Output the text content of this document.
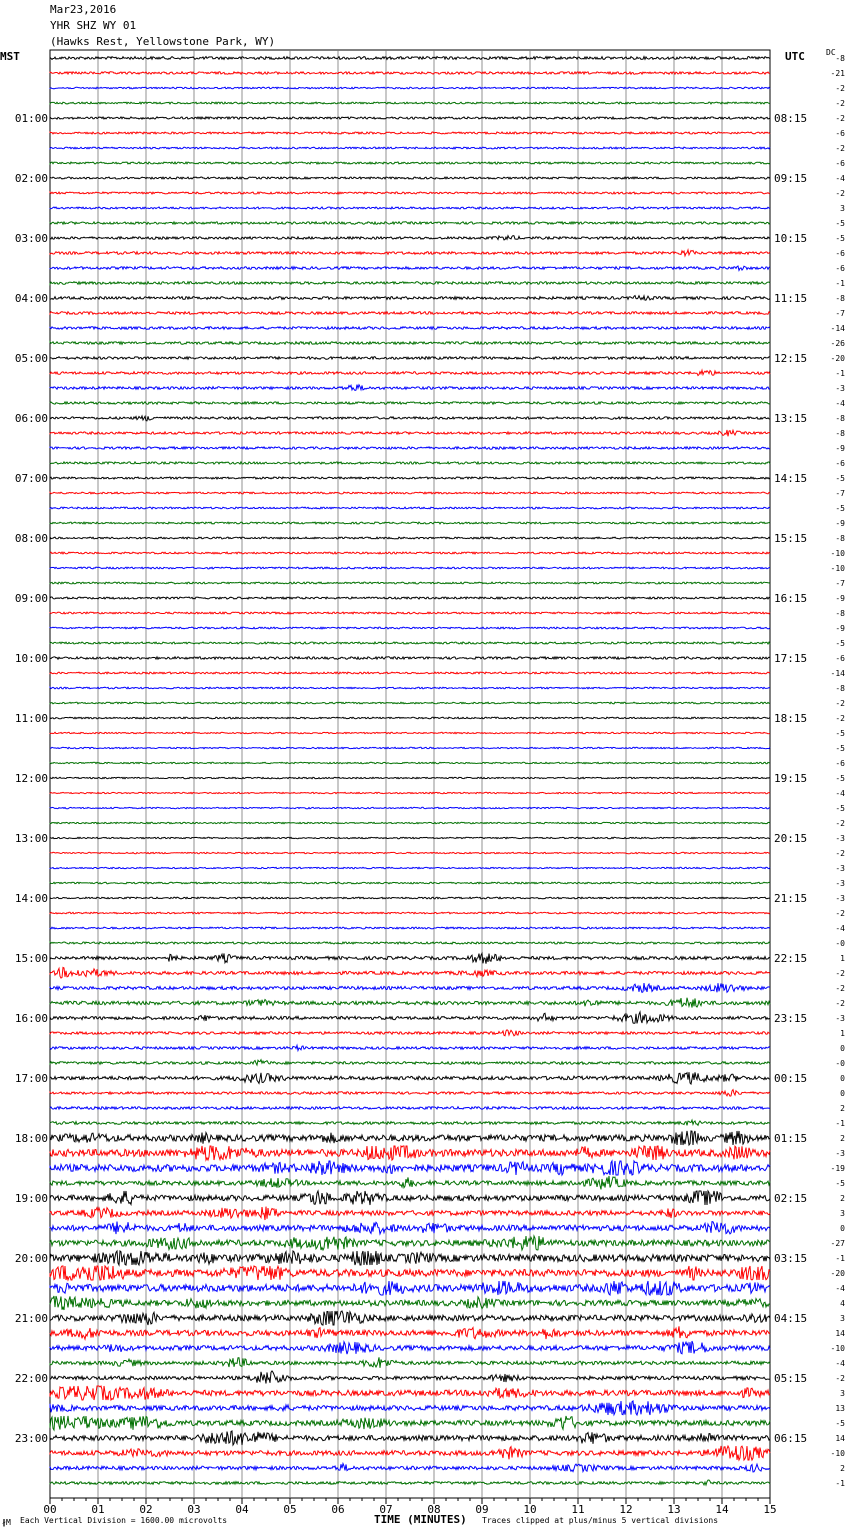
Mar23,2016
YHR SHZ WY 01
(Hawks Rest, Yellowstone Park, WY)
MST	UTC	DC
00	01	02	03	04	05	06	07	08	09	10	11	12	13	14	15
-8
-21
-2
-2
-2
-6
-2
-6
-4
-2
3
-5
-5
-6
-6
-1
-8
-7
-14
-26
-20
-1
-3
-4
-8
-8
-9
-6
-5
-7
-5
-9
-8
-10
-10
-7
-9
-8
-9
-5
-6
-14
-8
-2
-2
-5
-5
-6
-5
-4
-5
-2
-3
-2
-3
-3
-3
-2
-4
-0
1
-2
-2
-2
-3
1
0
-0
0
0
2
-1
2
-3
-19
-5
2
3
0
-27
-1
-20
-4
4
3
14
-10
-4
-2
3
13
-5
14
-10
2
-1
01:00
02:00
03:00
04:00
05:00
06:00
07:00
08:00
09:00
10:00
11:00
12:00
13:00
14:00
15:00
16:00
17:00
18:00
19:00
20:00
21:00
22:00
23:00
08:15
09:15
10:15
11:15
12:15
13:15
14:15
15:15
16:15
17:15
18:15
19:15
20:15
21:15
22:15
23:15
00:15
01:15
02:15
03:15
04:15
05:15
06:15
∦M Each Vertical Division = 1600.00 microvolts	TIME (MINUTES) Traces clipped at plus/minus 5 vertical divisions
